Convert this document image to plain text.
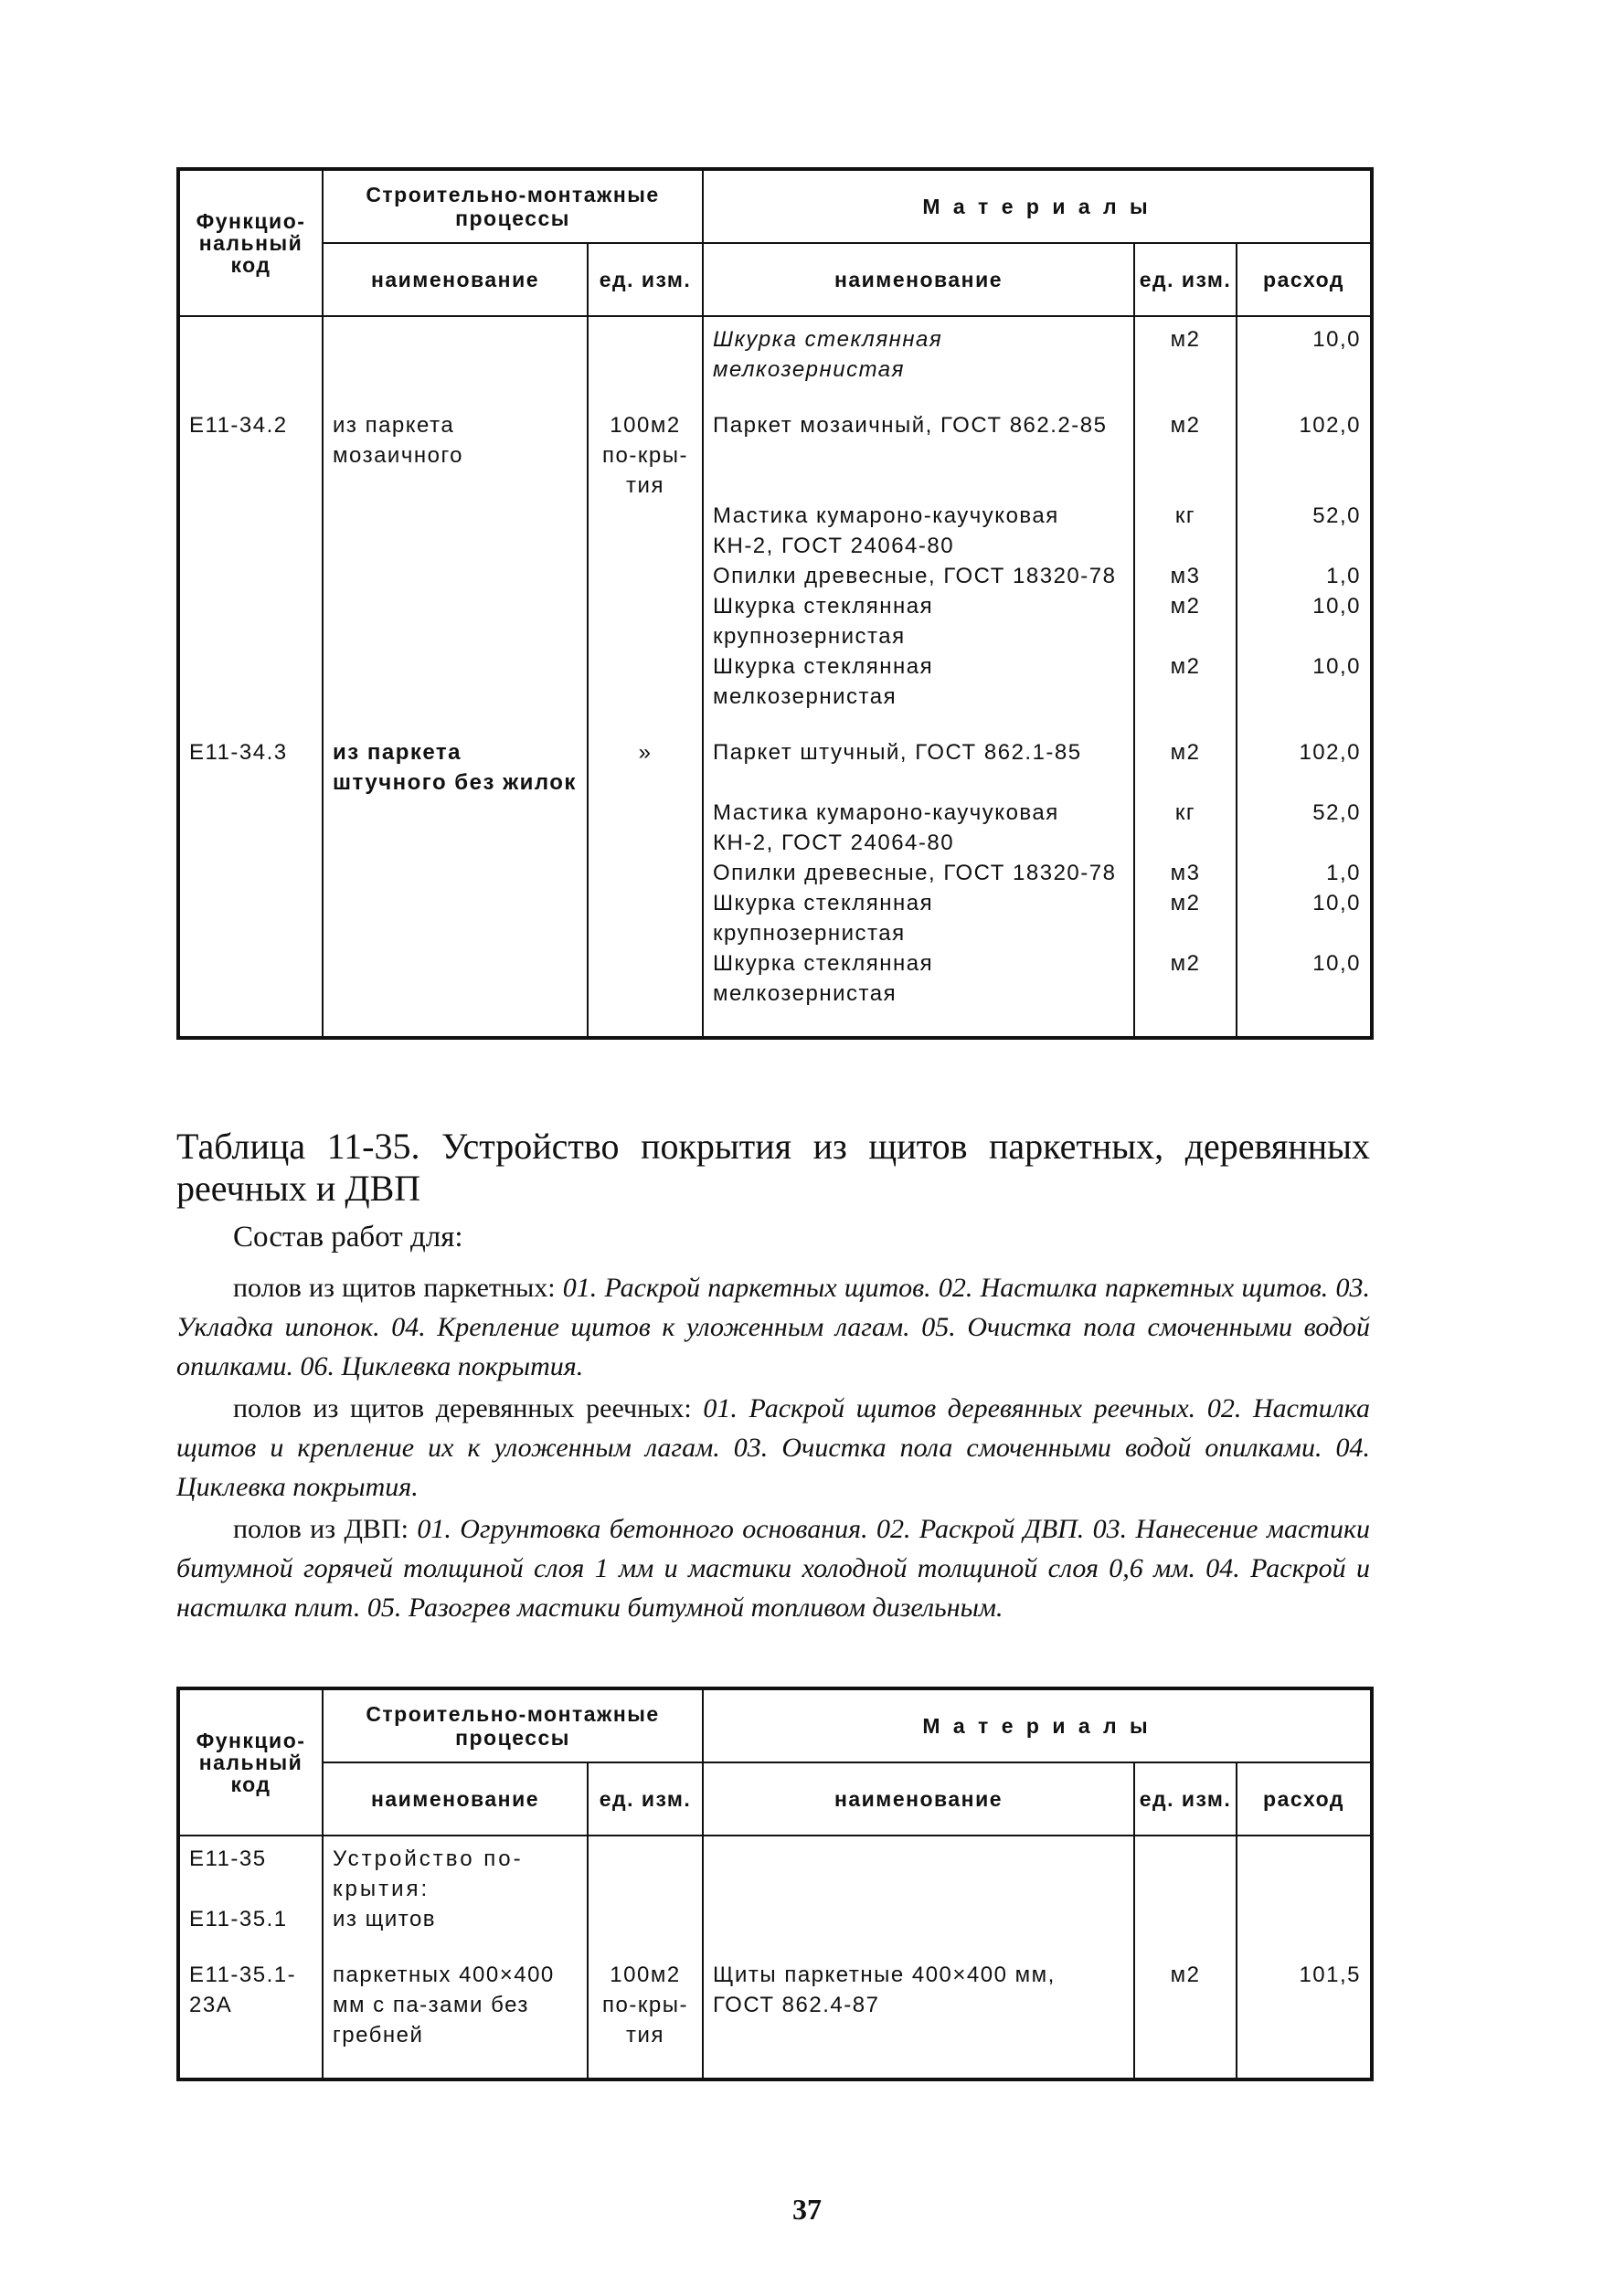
Функцио-
нальный
код	Строительно-монтажные процессы		М а т е р и а л ы		
	наименование	ед. изм.	наименование	ед. изм.	расход
			Шкурка стеклянная мелкозернистая	м2	10,0

Е11-34.2	из паркета мозаичного	100м2 по-кры-тия	Паркет мозаичный, ГОСТ 862.2-85	м2	102,0
			Мастика кумароно-каучуковая КН-2, ГОСТ 24064-80	кг	52,0
			Опилки древесные, ГОСТ 18320-78	м3	1,0
			Шкурка стеклянная крупнозернистая	м2	10,0
			Шкурка стеклянная мелкозернистая	м2	10,0

Е11-34.3	из паркета штучного без жилок	»	Паркет штучный, ГОСТ 862.1-85	м2	102,0
			Мастика кумароно-каучуковая КН-2, ГОСТ 24064-80	кг	52,0
			Опилки древесные, ГОСТ 18320-78	м3	1,0
			Шкурка стеклянная крупнозернистая	м2	10,0
			Шкурка стеклянная мелкозернистая	м2	10,0
Таблица 11-35. Устройство покрытия из щитов паркетных, деревянных реечных и ДВП
Состав работ для:
полов из щитов паркетных: 01. Раскрой паркетных щитов. 02. Настилка паркетных щитов. 03. Укладка шпонок. 04. Крепление щитов к уложенным лагам. 05. Очистка пола смоченными водой опилками. 06. Циклевка покрытия.
полов из щитов деревянных реечных: 01. Раскрой щитов деревянных реечных. 02. Настилка щитов и крепление их к уложенным лагам. 03. Очистка пола смоченными водой опилками. 04. Циклевка покрытия.
полов из ДВП: 01. Огрунтовка бетонного основания. 02. Раскрой ДВП. 03. Нанесение мастики битумной горячей толщиной слоя 1 мм и мастики холодной толщиной слоя 0,6 мм. 04. Раскрой и настилка плит. 05. Разогрев мастики битумной топливом дизельным.
Функцио-
нальный
код	Строительно-монтажные процессы		М а т е р и а л ы		
	наименование	ед. изм.	наименование	ед. изм.	расход
Е11-35	Устройство по-крытия:				
Е11-35.1	из щитов				

Е11-35.1-23А	паркетных 400×400 мм с па-зами без гребней	100м2 по-кры-тия	Щиты паркетные 400×400 мм, ГОСТ 862.4-87	м2	101,5
37
